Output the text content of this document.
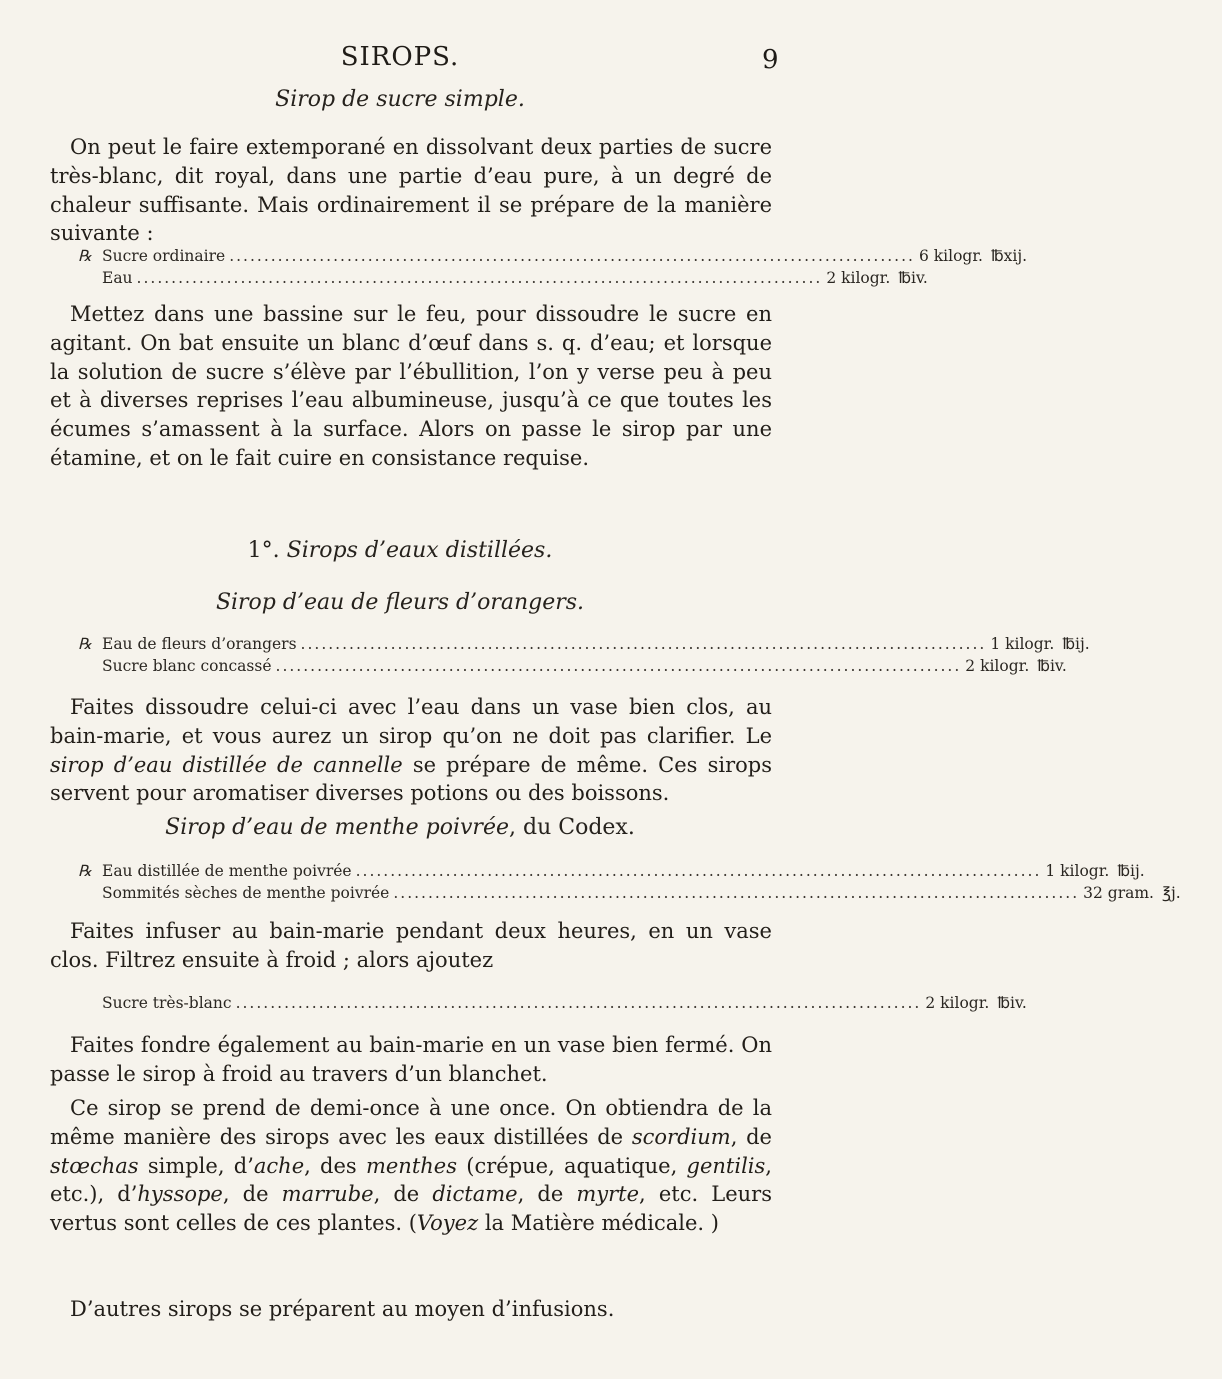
SIROPS.	9
Sirop de sucre simple.
On peut le faire extemporané en dissolvant deux parties de sucre très-blanc, dit royal, dans une partie d’eau pure, à un degré de chaleur suffisante. Mais ordinairement il se prépare de la manière suivante :
℞ Sucre ordinaire ................................................................................................... 6 kilogr. ℔xij.
Eau ................................................................................................... 2 kilogr. ℔iv.
Mettez dans une bassine sur le feu, pour dissoudre le sucre en agitant. On bat ensuite un blanc d’œuf dans s. q. d’eau; et lorsque la solution de sucre s’élève par l’ébullition, l’on y verse peu à peu et à diverses reprises l’eau albumineuse, jusqu’à ce que toutes les écumes s’amassent à la surface. Alors on passe le sirop par une étamine, et on le fait cuire en consistance requise.
1°. Sirops d’eaux distillées.
Sirop d’eau de fleurs d’orangers.
℞ Eau de fleurs d’orangers ................................................................................................... 1 kilogr. ℔ij.
Sucre blanc concassé ................................................................................................... 2 kilogr. ℔iv.
Faites dissoudre celui-ci avec l’eau dans un vase bien clos, au bain-marie, et vous aurez un sirop qu’on ne doit pas clarifier. Le sirop d’eau distillée de cannelle se prépare de même. Ces sirops servent pour aromatiser diverses potions ou des boissons.
Sirop d’eau de menthe poivrée, du Codex.
℞ Eau distillée de menthe poivrée ................................................................................................... 1 kilogr. ℔ij.
Sommités sèches de menthe poivrée ................................................................................................... 32 gram. ℥j.
Faites infuser au bain-marie pendant deux heures, en un vase clos. Filtrez ensuite à froid ; alors ajoutez
Sucre très-blanc ................................................................................................... 2 kilogr. ℔iv.
Faites fondre également au bain-marie en un vase bien fermé. On passe le sirop à froid au travers d’un blanchet.
Ce sirop se prend de demi-once à une once. On obtiendra de la même manière des sirops avec les eaux distillées de scordium, de stœchas simple, d’ache, des menthes (crépue, aquatique, gentilis, etc.), d’hyssope, de marrube, de dictame, de myrte, etc. Leurs vertus sont celles de ces plantes. (Voyez la Matière médicale. )
D’autres sirops se préparent au moyen d’infusions.
